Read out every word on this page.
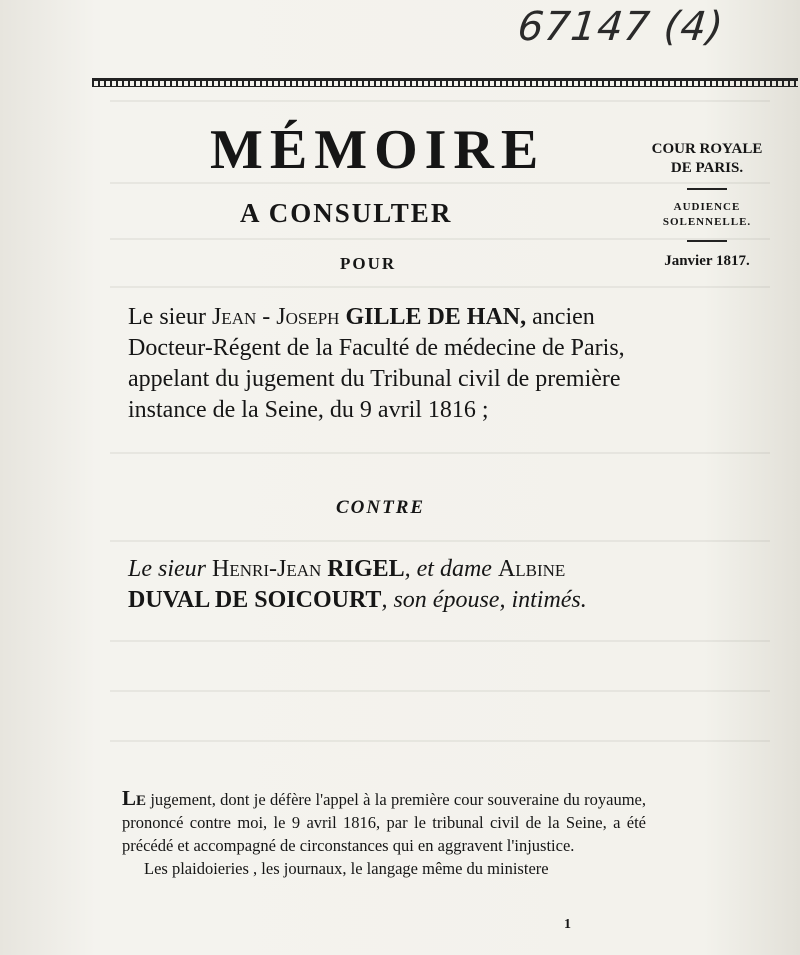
67147 (4)
MÉMOIRE
A CONSULTER
POUR
COUR ROYALE DE PARIS.
AUDIENCE SOLENNELLE.
Janvier 1817.
Le sieur Jean - Joseph GILLE DE HAN, ancien Docteur-Régent de la Faculté de médecine de Paris, appelant du jugement du Tribunal civil de première instance de la Seine, du 9 avril 1816 ;
CONTRE
Le sieur Henri-Jean RIGEL, et dame Albine DUVAL DE SOICOURT, son épouse, intimés.

Le jugement, dont je défère l'appel à la première cour souveraine du royaume, prononcé contre moi, le 9 avril 1816, par le tribunal civil de la Seine, a été précédé et accompagné de circonstances qui en aggravent l'injustice.

Les plaidoieries , les journaux, le langage même du ministere

1
